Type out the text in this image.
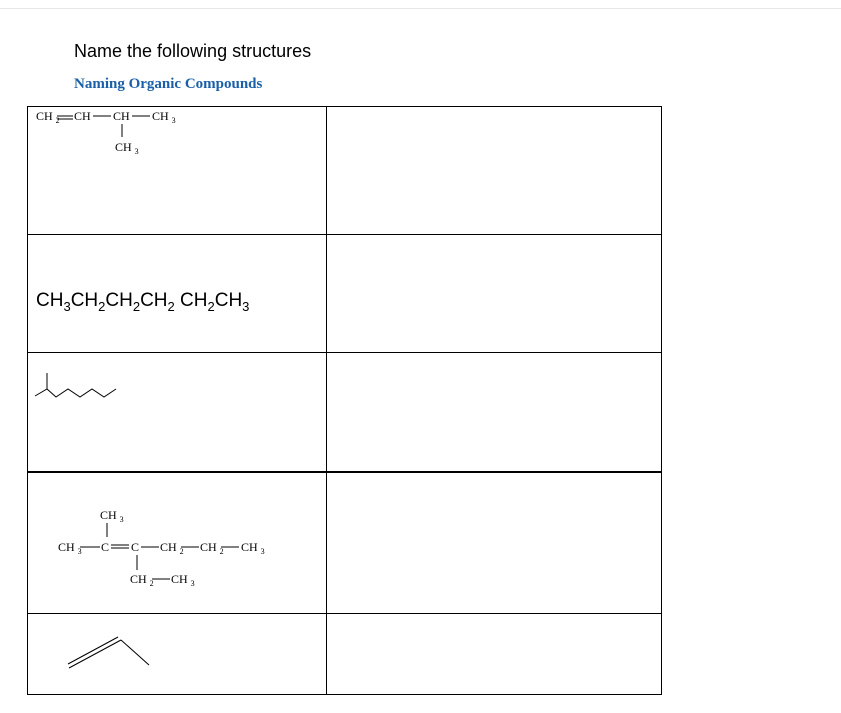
Name the following structures
Naming Organic Compounds
CH $_2$ CH CH CH $_3$
CH $_3$
$CH_3CH_2CH_2CH_2$ $CH_2CH_3$
CH $_3$
CH $_3$ C C CH $_2$ CH $_2$ CH $_3$
CH $_2$ CH $_3$
